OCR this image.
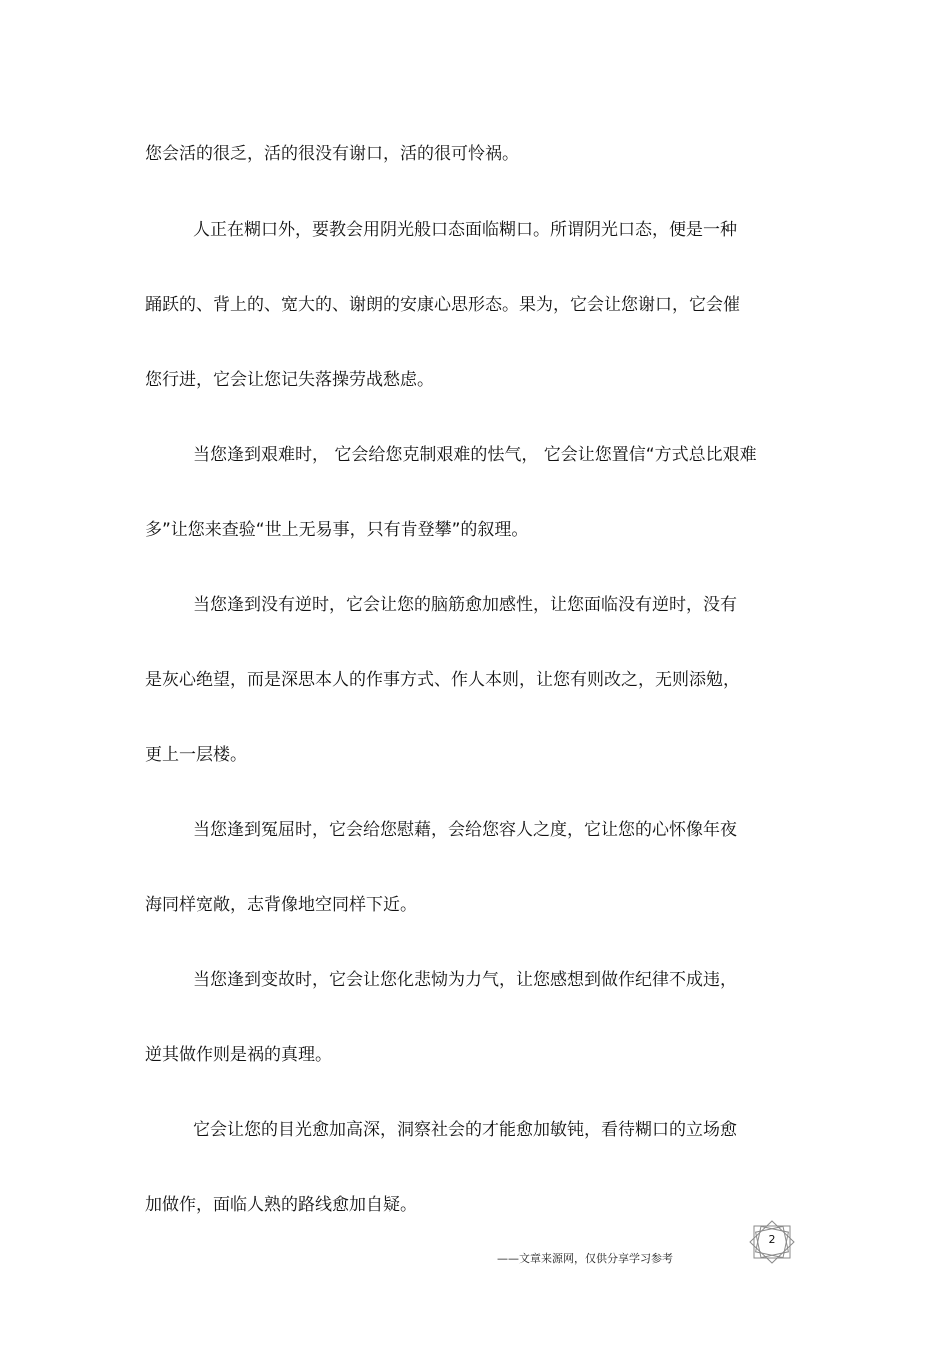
您会活的很乏，活的很没有谢口，活的很可怜祸。
人正在糊口外，要教会用阴光般口态面临糊口。所谓阴光口态，便是一种
踊跃的、背上的、宽大的、谢朗的安康心思形态。果为，它会让您谢口，它会催
您行进，它会让您记失落操劳战愁虑。
当您逢到艰难时， 它会给您克制艰难的怯气， 它会让您置信“方式总比艰难
多”让您来查验“世上无易事，只有肯登攀”的叙理。
当您逢到没有逆时，它会让您的脑筋愈加感性，让您面临没有逆时，没有
是灰心绝望，而是深思本人的作事方式、作人本则，让您有则改之，无则添勉，
更上一层楼。
当您逢到冤屈时，它会给您慰藉，会给您容人之度，它让您的心怀像年夜
海同样宽敞，志背像地空同样下近。
当您逢到变故时，它会让您化悲恸为力气，让您感想到做作纪律不成违，
逆其做作则是祸的真理。
它会让您的目光愈加高深，洞察社会的才能愈加敏钝，看待糊口的立场愈
加做作，面临人熟的路线愈加自疑。
——文章来源网，仅供分享学习参考
2
